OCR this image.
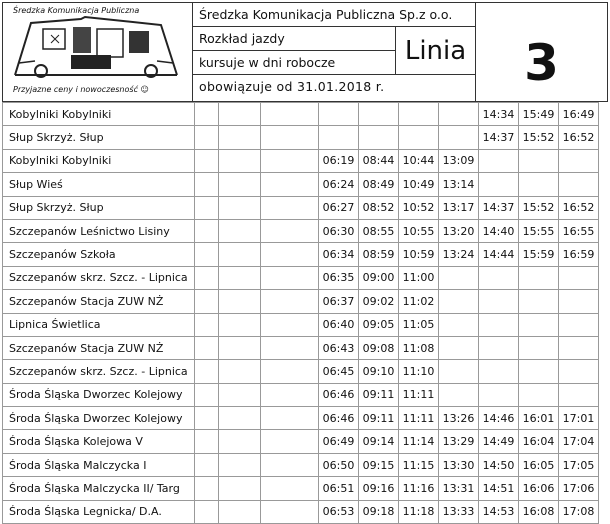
Średzka Komunikacja Publiczna
Przyjazne ceny i nowoczesność ☺
Średzka Komunikacja Publiczna Sp.z o.o.
Rozkład jazdy
kursuje w dni robocze
obowiązuje od 31.01.2018 r.
Linia	3
Kobylniki Kobylniki								14:34	15:49	16:49
Słup Skrzyż. Słup								14:37	15:52	16:52
Kobylniki Kobylniki				06:19	08:44	10:44	13:09			
Słup Wieś				06:24	08:49	10:49	13:14			
Słup Skrzyż. Słup				06:27	08:52	10:52	13:17	14:37	15:52	16:52
Szczepanów Leśnictwo Lisiny				06:30	08:55	10:55	13:20	14:40	15:55	16:55
Szczepanów Szkoła				06:34	08:59	10:59	13:24	14:44	15:59	16:59
Szczepanów skrz. Szcz. - Lipnica				06:35	09:00	11:00				
Szczepanów Stacja ZUW NŻ				06:37	09:02	11:02				
Lipnica Świetlica				06:40	09:05	11:05				
Szczepanów Stacja ZUW NŻ				06:43	09:08	11:08				
Szczepanów skrz. Szcz. - Lipnica				06:45	09:10	11:10				
Środa Śląska Dworzec Kolejowy				06:46	09:11	11:11				
Środa Śląska Dworzec Kolejowy				06:46	09:11	11:11	13:26	14:46	16:01	17:01
Środa Śląska Kolejowa V				06:49	09:14	11:14	13:29	14:49	16:04	17:04
Środa Śląska Malczycka I				06:50	09:15	11:15	13:30	14:50	16:05	17:05
Środa Śląska Malczycka II/ Targ				06:51	09:16	11:16	13:31	14:51	16:06	17:06
Środa Śląska Legnicka/ D.A.				06:53	09:18	11:18	13:33	14:53	16:08	17:08
